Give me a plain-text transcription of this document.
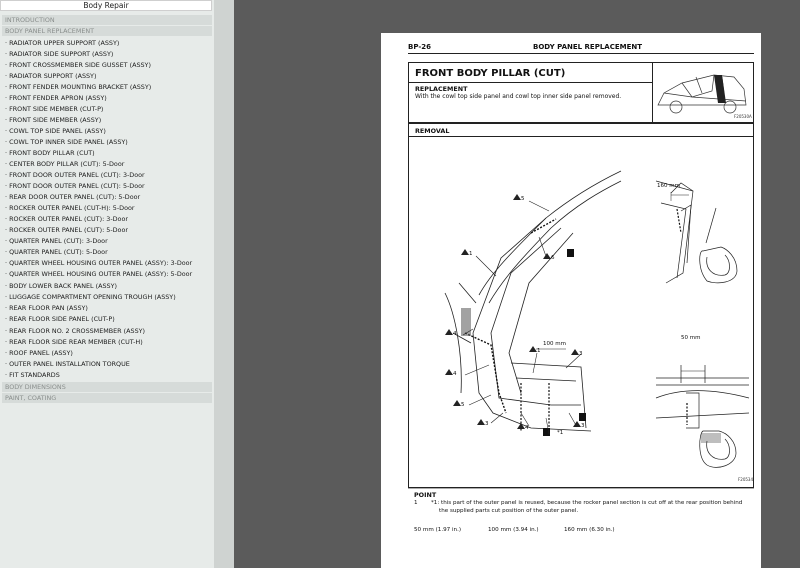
Body Repair
INTRODUCTION
BODY PANEL REPLACEMENT
· RADIATOR UPPER SUPPORT (ASSY)
· RADIATOR SIDE SUPPORT (ASSY)
· FRONT CROSSMEMBER SIDE GUSSET (ASSY)
· RADIATOR SUPPORT (ASSY)
· FRONT FENDER MOUNTING BRACKET (ASSY)
· FRONT FENDER APRON (ASSY)
· FRONT SIDE MEMBER (CUT-P)
· FRONT SIDE MEMBER (ASSY)
· COWL TOP SIDE PANEL (ASSY)
· COWL TOP INNER SIDE PANEL (ASSY)
· FRONT BODY PILLAR (CUT)
· CENTER BODY PILLAR (CUT): 5-Door
· FRONT DOOR OUTER PANEL (CUT): 3-Door
· FRONT DOOR OUTER PANEL (CUT): 5-Door
· REAR DOOR OUTER PANEL (CUT): 5-Door
· ROCKER OUTER PANEL (CUT-H): 5-Door
· ROCKER OUTER PANEL (CUT): 3-Door
· ROCKER OUTER PANEL (CUT): 5-Door
· QUARTER PANEL (CUT): 3-Door
· QUARTER PANEL (CUT): 5-Door
· QUARTER WHEEL HOUSING OUTER PANEL (ASSY): 3-Door
· QUARTER WHEEL HOUSING OUTER PANEL (ASSY): 5-Door
· BODY LOWER BACK PANEL (ASSY)
· LUGGAGE COMPARTMENT OPENING TROUGH (ASSY)
· REAR FLOOR PAN (ASSY)
· REAR FLOOR SIDE PANEL (CUT-P)
· REAR FLOOR NO. 2 CROSSMEMBER (ASSY)
· REAR FLOOR SIDE REAR MEMBER (CUT-H)
· ROOF PANEL (ASSY)
· OUTER PANEL INSTALLATION TORQUE
· FIT STANDARDS
BODY DIMENSIONS
PAINT, COATING
BP-26	BODY PANEL REPLACEMENT
FRONT BODY PILLAR (CUT)
REPLACEMENT
With the cowl top side panel and cowl top inner side panel removed.
F20530A
REMOVAL
F20534
5
6
1
4
4
5
3
1	3
4
*1
3
100 mm
160 mm
50 mm
POINT
1 *1: this part of the outer panel is reused, because the rocker panel section is cut off at the rear position behind
the supplied parts cut position of the outer panel.
50 mm (1.97 in.)	100 mm (3.94 in.)	160 mm (6.30 in.)
